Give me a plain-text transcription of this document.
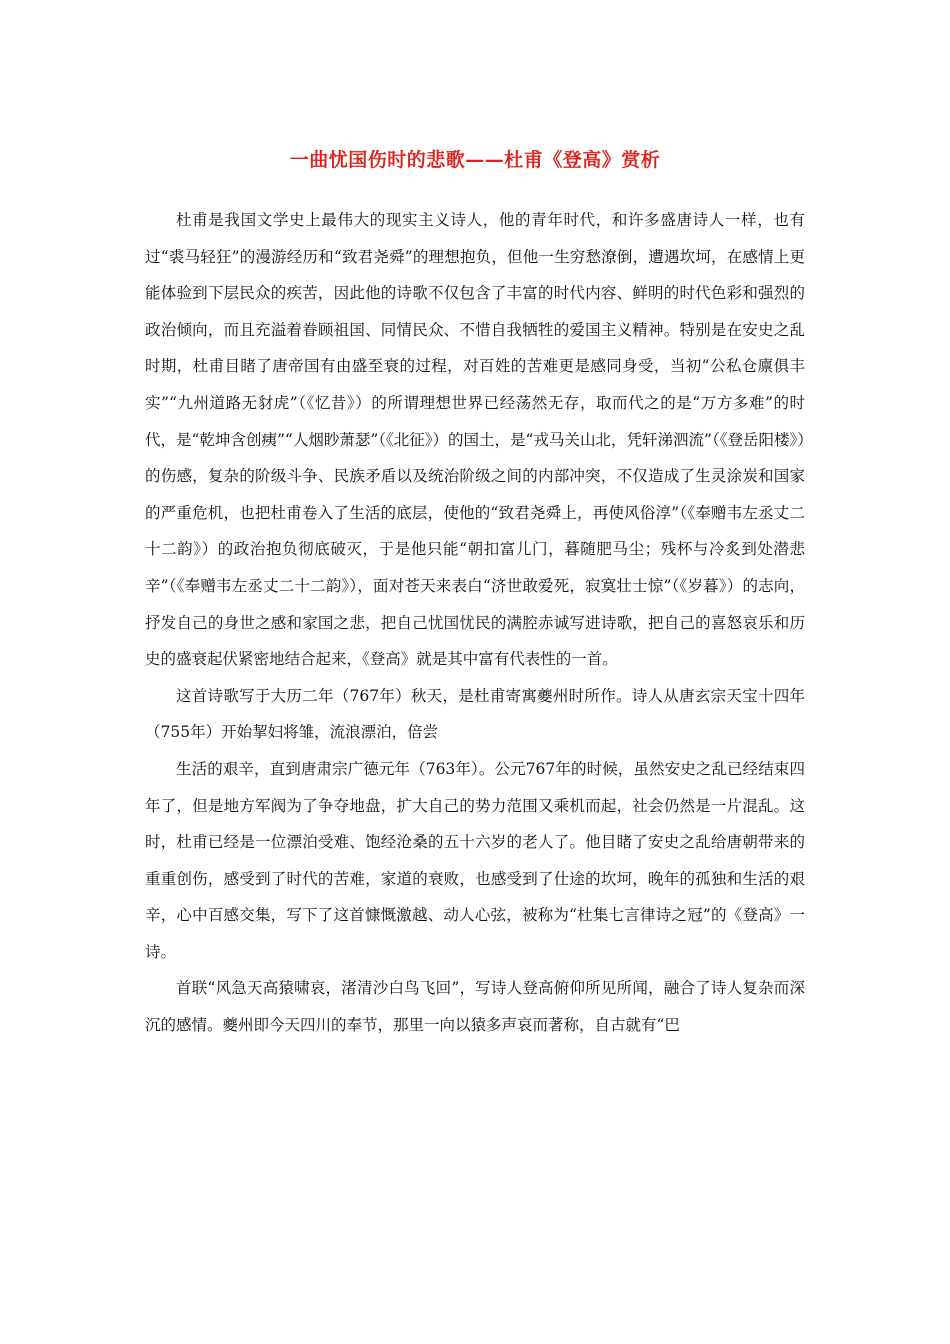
一曲忧国伤时的悲歌——杜甫《登高》赏析

杜甫是我国文学史上最伟大的现实主义诗人，他的青年时代，和许多盛唐诗人一样，也有过“裘马轻狂”的漫游经历和“致君尧舜”的理想抱负，但他一生穷愁潦倒，遭遇坎坷，在感情上更能体验到下层民众的疾苦，因此他的诗歌不仅包含了丰富的时代内容、鲜明的时代色彩和强烈的政治倾向，而且充溢着眷顾祖国、同情民众、不惜自我牺牲的爱国主义精神。特别是在安史之乱时期，杜甫目睹了唐帝国有由盛至衰的过程，对百姓的苦难更是感同身受，当初“公私仓廪俱丰实”“九州道路无豺虎”（《忆昔》）的所谓理想世界已经荡然无存，取而代之的是“万方多难”的时代，是“乾坤含创痍”“人烟眇萧瑟”（《北征》）的国土，是“戎马关山北，凭轩涕泗流”（《登岳阳楼》）的伤感，复杂的阶级斗争、民族矛盾以及统治阶级之间的内部冲突，不仅造成了生灵涂炭和国家的严重危机，也把杜甫卷入了生活的底层，使他的“致君尧舜上，再使风俗淳”（《奉赠韦左丞丈二十二韵》）的政治抱负彻底破灭，于是他只能“朝扣富儿门，暮随肥马尘；残杯与冷炙到处潜悲辛”（《奉赠韦左丞丈二十二韵》），面对苍天来表白“济世敢爱死，寂寞壮士惊”（《岁暮》）的志向，抒发自己的身世之感和家国之悲，把自己忧国忧民的满腔赤诚写进诗歌，把自己的喜怒哀乐和历史的盛衰起伏紧密地结合起来，《登高》就是其中富有代表性的一首。

这首诗歌写于大历二年（767年）秋天，是杜甫寄寓夔州时所作。诗人从唐玄宗天宝十四年（755年）开始挈妇将雏，流浪漂泊，倍尝

生活的艰辛，直到唐肃宗广德元年（763年）。公元767年的时候，虽然安史之乱已经结束四年了，但是地方军阀为了争夺地盘，扩大自己的势力范围又乘机而起，社会仍然是一片混乱。这时，杜甫已经是一位漂泊受难、饱经沧桑的五十六岁的老人了。他目睹了安史之乱给唐朝带来的重重创伤，感受到了时代的苦难，家道的衰败，也感受到了仕途的坎坷，晚年的孤独和生活的艰辛，心中百感交集，写下了这首慷慨激越、动人心弦，被称为“杜集七言律诗之冠”的《登高》一诗。

首联“风急天高猿啸哀，渚清沙白鸟飞回”，写诗人登高俯仰所见所闻，融合了诗人复杂而深沉的感情。夔州即今天四川的奉节，那里一向以猿多声哀而著称，自古就有“巴
